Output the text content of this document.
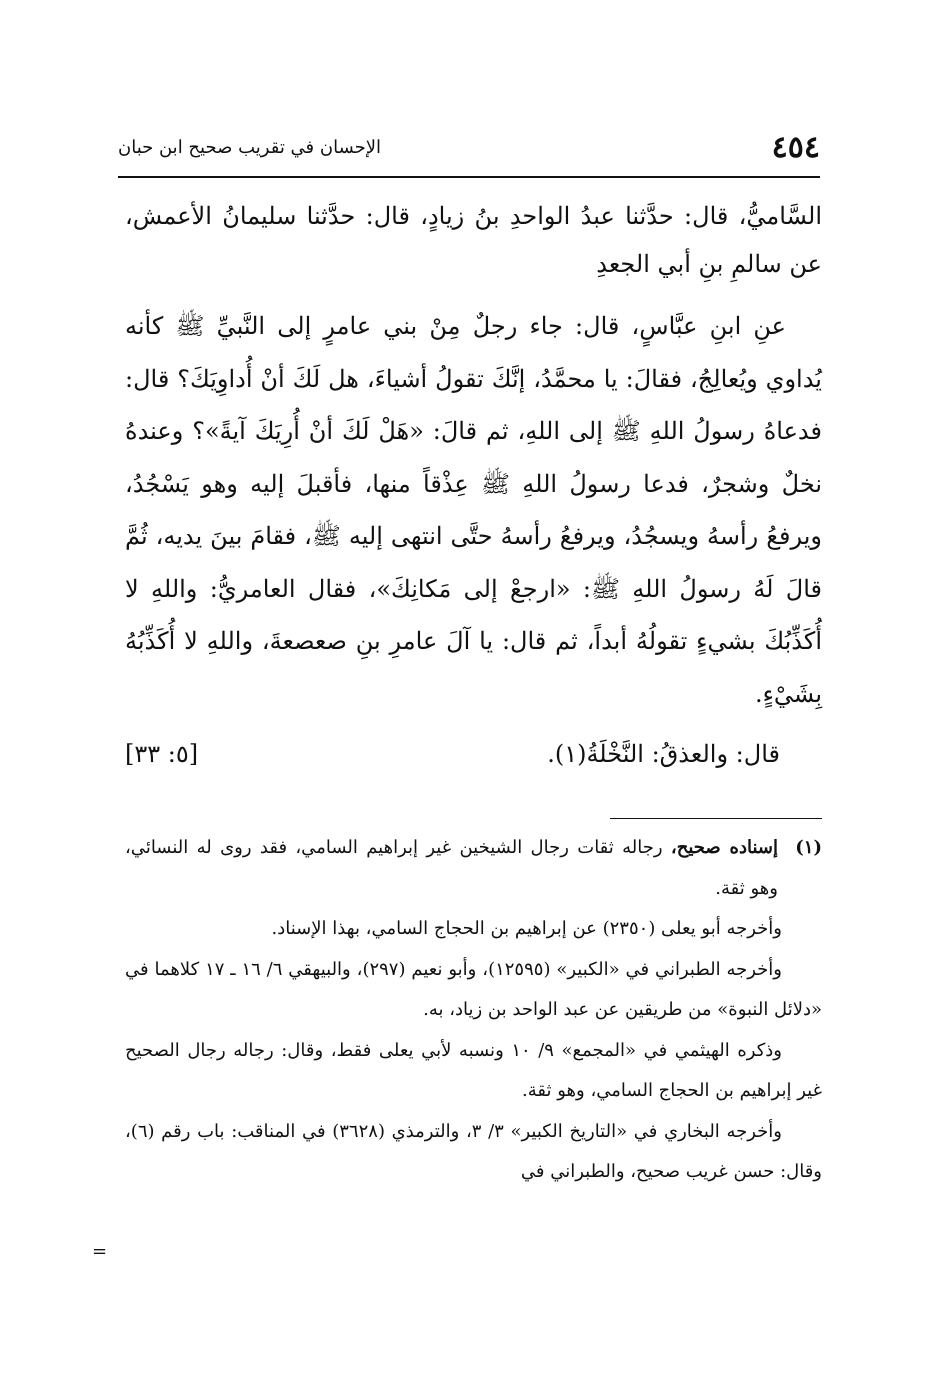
٤٥٤
الإحسان في تقريب صحيح ابن حبان
السَّاميُّ، قال: حدَّثنا عبدُ الواحدِ بنُ زيادٍ، قال: حدَّثنا سليمانُ الأعمش، عن سالمِ بنِ أبي الجعدِ
عنِ ابنِ عبَّاسٍ، قال: جاء رجلٌ مِنْ بني عامرٍ إلى النَّبيِّ ﷺ كأنه يُداوي ويُعالِجُ، فقالَ: يا محمَّدُ، إنَّكَ تقولُ أشياءَ، هل لَكَ أنْ أُداوِيَكَ؟ قال: فدعاهُ رسولُ اللهِ ﷺ إلى اللهِ، ثم قالَ: «هَلْ لَكَ أنْ أُرِيَكَ آيةً»؟ وعندهُ نخلٌ وشجرٌ، فدعا رسولُ اللهِ ﷺ عِذْقاً منها، فأقبلَ إليه وهو يَسْجُدُ، ويرفعُ رأسهُ ويسجُدُ، ويرفعُ رأسهُ حتَّى انتهى إليه ﷺ، فقامَ بينَ يديه، ثُمَّ قالَ لَهُ رسولُ اللهِ ﷺ: «ارجعْ إلى مَكانِكَ»، فقال العامريُّ: واللهِ لا أُكَذِّبُكَ بشيءٍ تقولُهُ أبداً، ثم قال: يا آلَ عامرِ بنِ صعصعةَ، واللهِ لا أُكَذِّبُهُ بِشَيْءٍ.
قال: والعذقُ: النَّخْلَةُ(١).
[٥: ٣٣]

(١)
إسناده صحيح، رجاله ثقات رجال الشيخين غير إبراهيم السامي، فقد روى له النسائي، وهو ثقة.

وأخرجه أبو يعلى (٢٣٥٠) عن إبراهيم بن الحجاج السامي، بهذا الإسناد.

وأخرجه الطبراني في «الكبير» (١٢٥٩٥)، وأبو نعيم (٢٩٧)، والبيهقي ٦/ ١٦ ـ ١٧ كلاهما في «دلائل النبوة» من طريقين عن عبد الواحد بن زياد، به.

وذكره الهيثمي في «المجمع» ٩/ ١٠ ونسبه لأبي يعلى فقط، وقال: رجاله رجال الصحيح غير إبراهيم بن الحجاج السامي، وهو ثقة.

وأخرجه البخاري في «التاريخ الكبير» ٣/ ٣، والترمذي (٣٦٢٨) في المناقب: باب رقم (٦)، وقال: حسن غريب صحيح، والطبراني في

=
